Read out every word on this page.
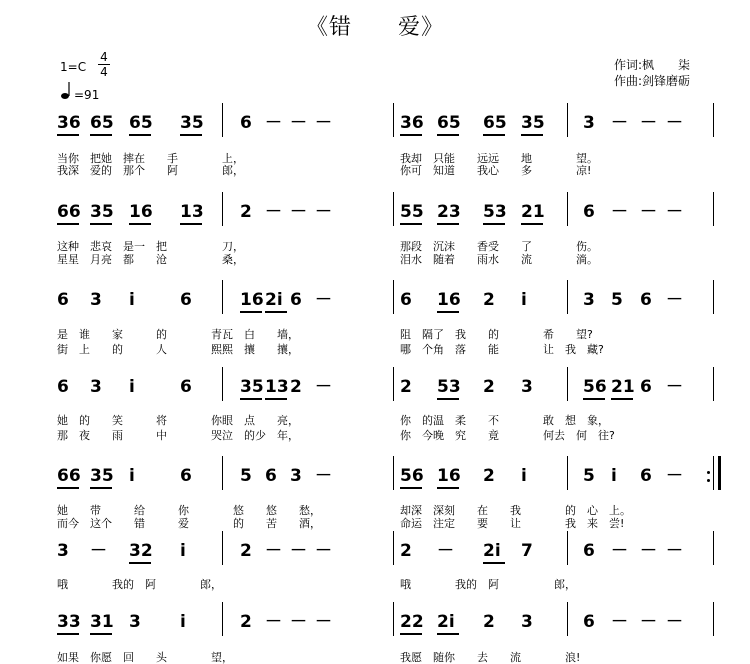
《错　　爱》
1=C
4
4
=91
作词:枫　　柒
作曲:剑锋磨砺
36 65 65 35 6 － － －	36 65 65 35 3 － － －
66 35 16 13 2 － － －	55 23 53 21 6 － － －
6 3 i	6	16 2i 6 －	6 16 2 i	3 5 6 －
6 3 i	6	35 13 2 －	2 53 2 3	56 21 6 －
66 35 i	6	5 6 3 －	56 16 2 i	5 i 6 －
3 － 32 i	2 － － －	2 － 2i 7	6 － － －
33 31 3 i	2 － － －	22 2i 2 3	6 － － －
当你　把她　摔在　　手　　　　上，	我却　只能　　远远　　地　　　　望。
我深　爱的　那个　　阿　　　　郎，	你可　知道　　我心　　多　　　　凉!
这种　悲哀　是一　把　　　　　刀，	那段　沉沫　　香受　　了　　　　伤。
星星　月亮　都　　沧　　　　　桑，	泪水　随着　　雨水　　流　　　　淌。
是　谁　　家　　　的　　　　青瓦　白　　墙，	阻　隔了　我　　的　　　　希　　望?
街　上　　的　　　人　　　　熙熙　攘　　攘，	哪　个角　落　　能　　　　让　我　藏?
她　的　　笑　　　将　　　　你眼　点　　亮，	你　的温　柔　　不　　　　敢　想　象，
那　夜　　雨　　　中　　　　哭泣　的少　年，	你　今晚　究　　竟　　　　何去　何　往?
她　　带　　　给　　　你　　　　悠　　悠　　愁，	却深　深刻　　在　　我　　　　的　心　上。
而今　这个　　错　　　爱　　　　的　　苦　　酒，	命运　注定　　要　　让　　　　我　来　尝!
哦　　　　我的　阿　　　　郎，	哦　　　　我的　阿　　　　　郎，
如果　你愿　回　　头　　　　望，	我愿　随你　　去　　流　　　　浪!
